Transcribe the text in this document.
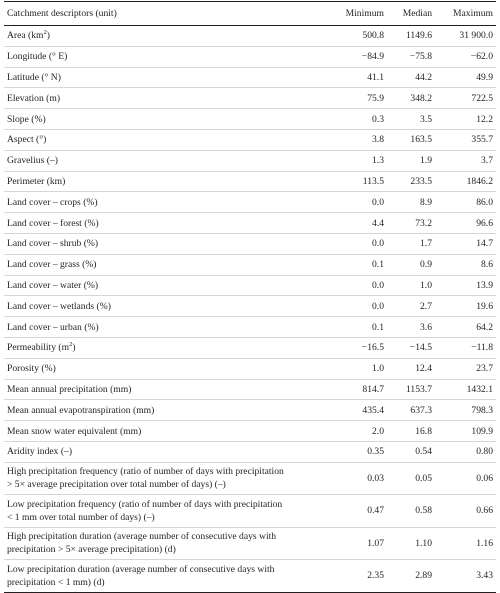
Catchment descriptors (unit)	Minimum	Median	Maximum

Area $(km^2)$	500.8	1149.6	31 900.0

Longitude (° E)	−84.9	−75.8	−62.0

Latitude (° N)	41.1	44.2	49.9

Elevation (m)	75.9	348.2	722.5

Slope (%)	0.3	3.5	12.2

Aspect (°)	3.8	163.5	355.7

Gravelius (–)	1.3	1.9	3.7

Perimeter (km)	113.5	233.5	1846.2

Land cover – crops (%)	0.0	8.9	86.0

Land cover – forest (%)	4.4	73.2	96.6

Land cover – shrub (%)	0.0	1.7	14.7

Land cover – grass (%)	0.1	0.9	8.6

Land cover – water (%)	0.0	1.0	13.9

Land cover – wetlands (%)	0.0	2.7	19.6

Land cover – urban (%)	0.1	3.6	64.2

Permeability $(m^2)$	−16.5	−14.5	−11.8

Porosity (%)	1.0	12.4	23.7

Mean annual precipitation (mm)	814.7	1153.7	1432.1

Mean annual evapotranspiration (mm)	435.4	637.3	798.3

Mean snow water equivalent (mm)	2.0	16.8	109.9

Aridity index (–)	0.35	0.54	0.80

High precipitation frequency (ratio of number of days with precipitation
> 5× average precipitation over total number of days) (–)	0.03	0.05	0.06

Low precipitation frequency (ratio of number of days with precipitation
< 1 mm over total number of days) (–)	0.47	0.58	0.66

High precipitation duration (average number of consecutive days with
precipitation > 5× average precipitation) (d)	1.07	1.10	1.16

Low precipitation duration (average number of consecutive days with
precipitation < 1 mm) (d)	2.35	2.89	3.43
